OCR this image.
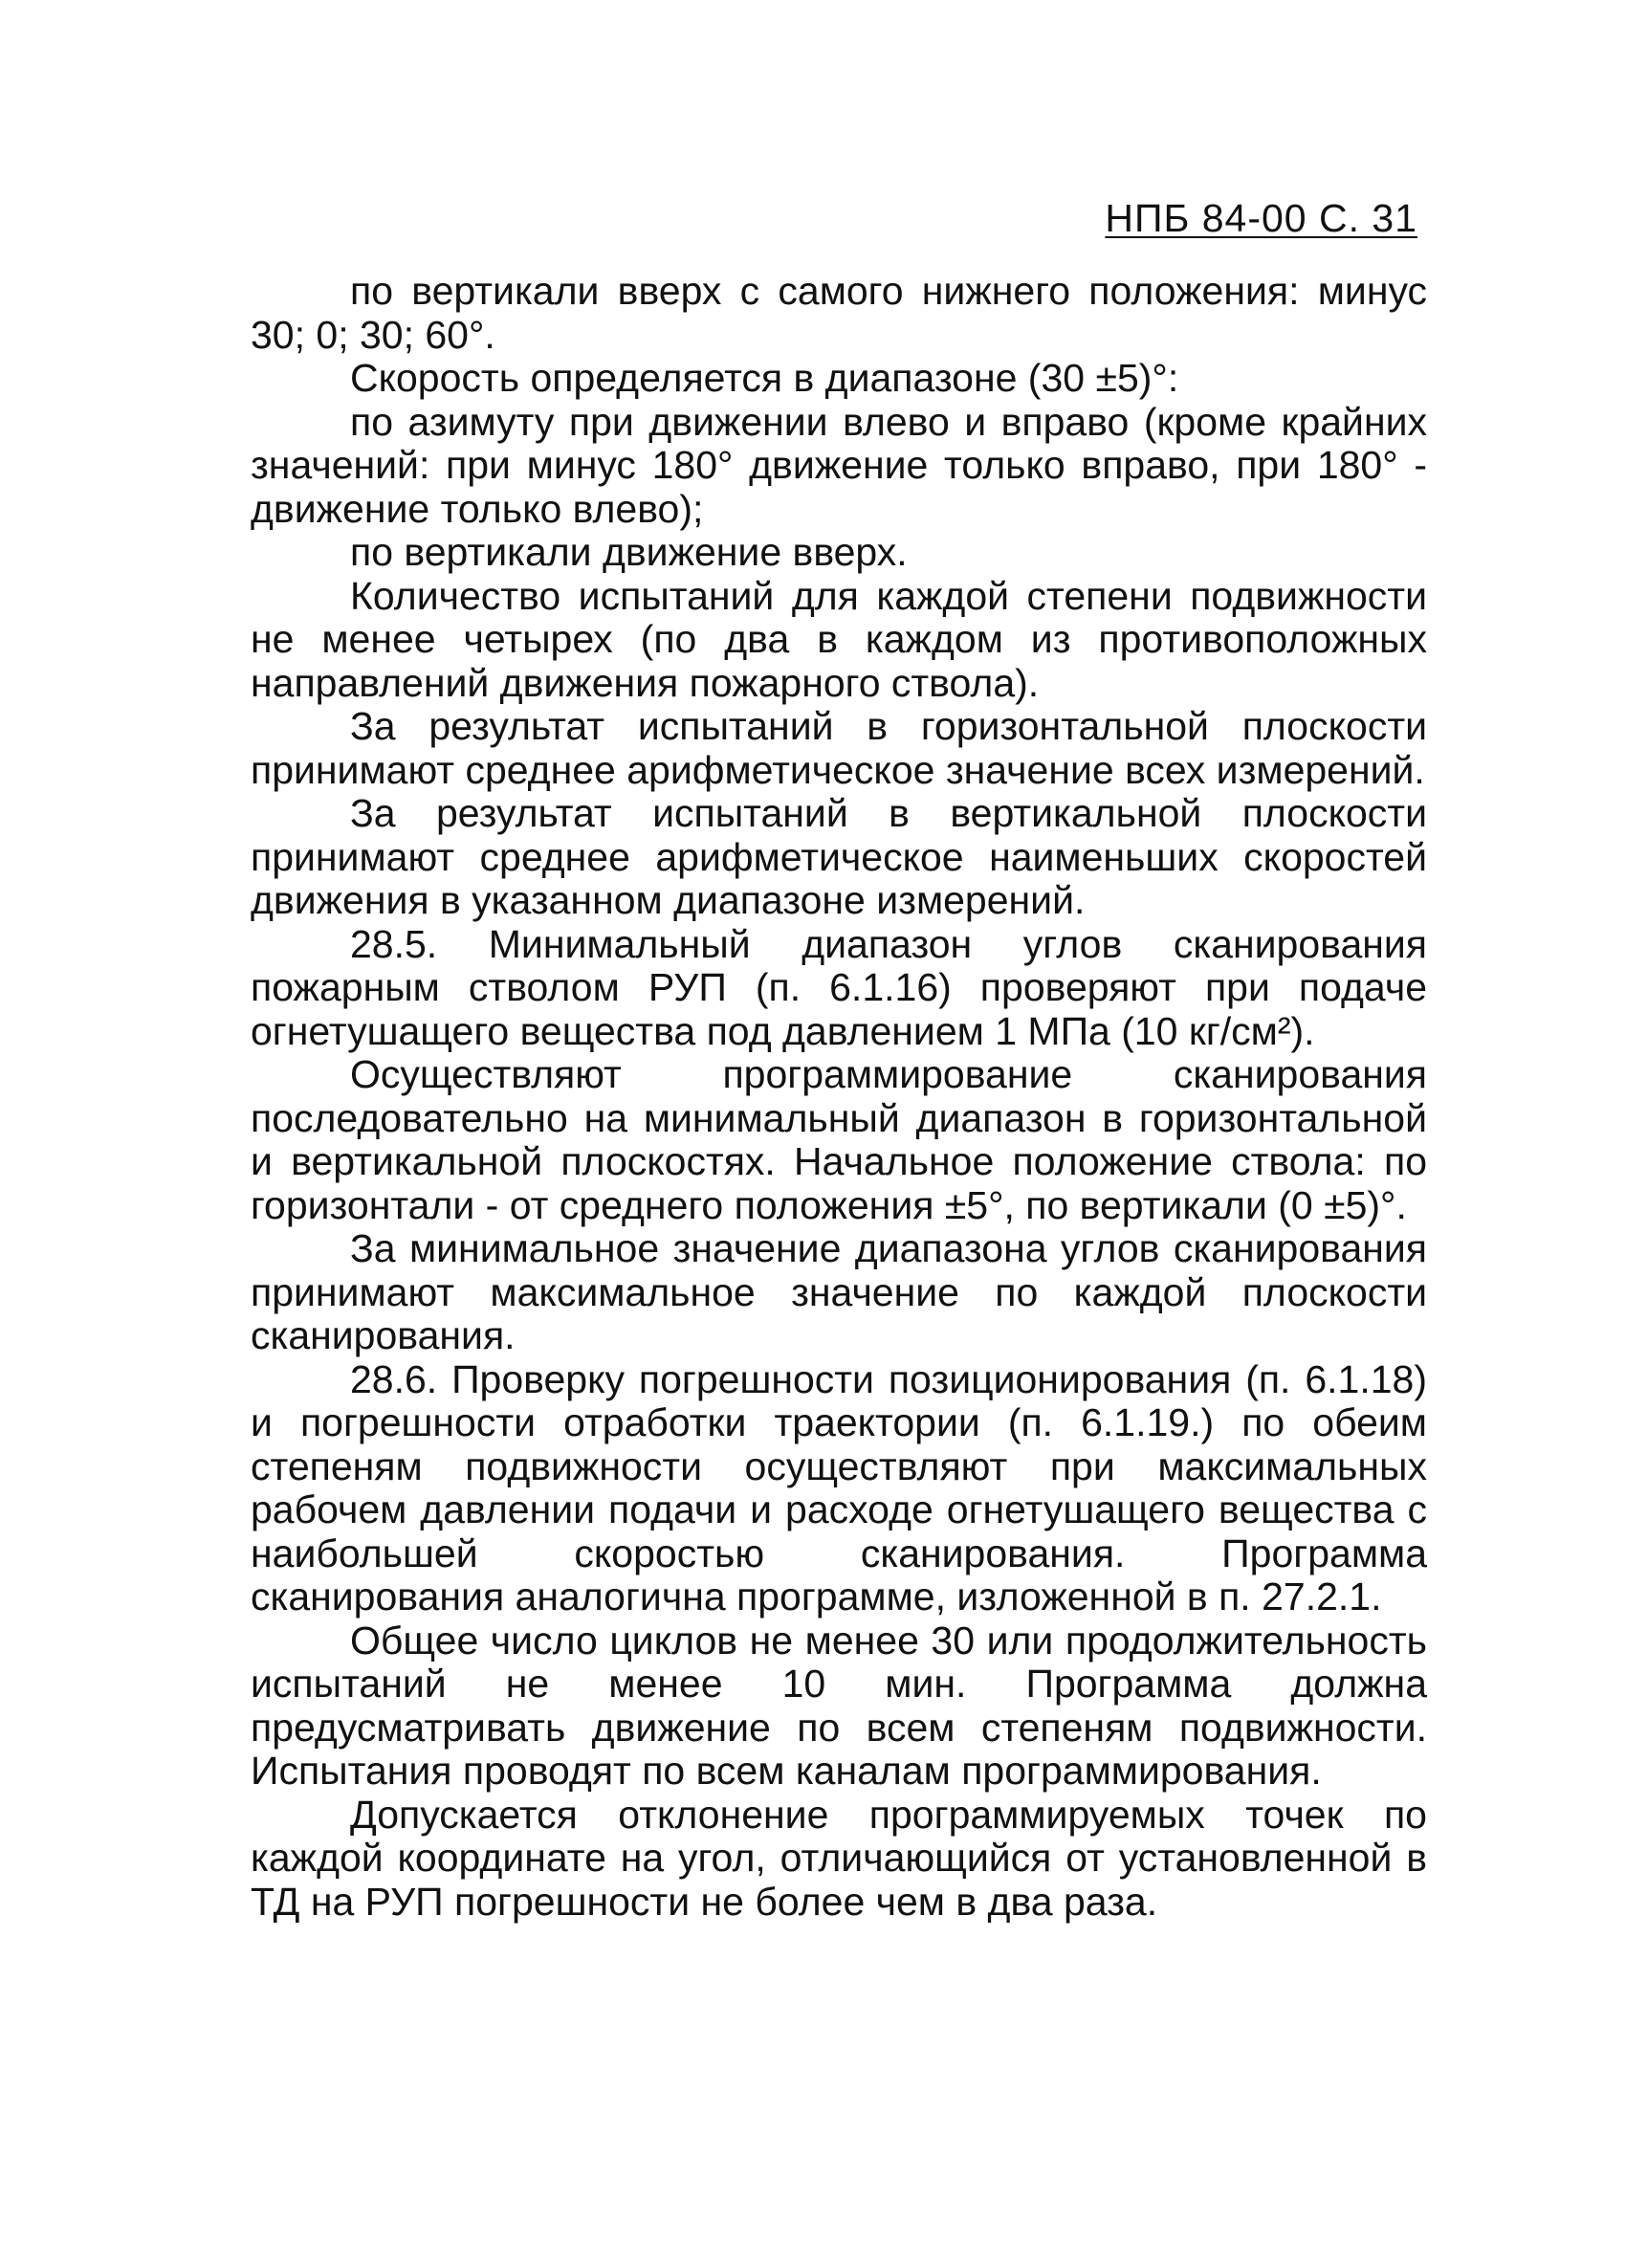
НПБ 84-00 С. 31

по вертикали вверх с самого нижнего положения: минус 30; 0; 30; 60°.

Скорость определяется в диапазоне (30 ±5)°:

по азимуту при движении влево и вправо (кроме крайних значений: при минус 180° движение только вправо, при 180° - движение только влево);

по вертикали движение вверх.

Количество испытаний для каждой степени подвижности не менее четырех (по два в каждом из противоположных направлений движения пожарного ствола).

За результат испытаний в горизонтальной плоскости принимают среднее арифметическое значение всех измерений.

За результат испытаний в вертикальной плоскости принимают среднее арифметическое наименьших скоростей движения в указанном диапазоне измерений.

28.5. Минимальный диапазон углов сканирования пожарным стволом РУП (п. 6.1.16) проверяют при подаче огнетушащего вещества под давлением 1 МПа (10 кг/см²).

Осуществляют программирование сканирования последовательно на минимальный диапазон в горизонтальной и вертикальной плоскостях. Начальное положение ствола: по горизонтали - от среднего положения ±5°, по вертикали (0 ±5)°.

За минимальное значение диапазона углов сканирования принимают максимальное значение по каждой плоскости сканирования.

28.6. Проверку погрешности позиционирования (п. 6.1.18) и погрешности отработки траектории (п. 6.1.19.) по обеим степеням подвижности осуществляют при максимальных рабочем давлении подачи и расходе огнетушащего вещества с наибольшей скоростью сканирования. Программа сканирования аналогична программе, изложенной в п. 27.2.1.

Общее число циклов не менее 30 или продолжительность испытаний не менее 10 мин. Программа должна предусматривать движение по всем степеням подвижности. Испытания проводят по всем каналам программирования.

Допускается отклонение программируемых точек по каждой координате на угол, отличающийся от установленной в ТД на РУП погрешности не более чем в два раза.
